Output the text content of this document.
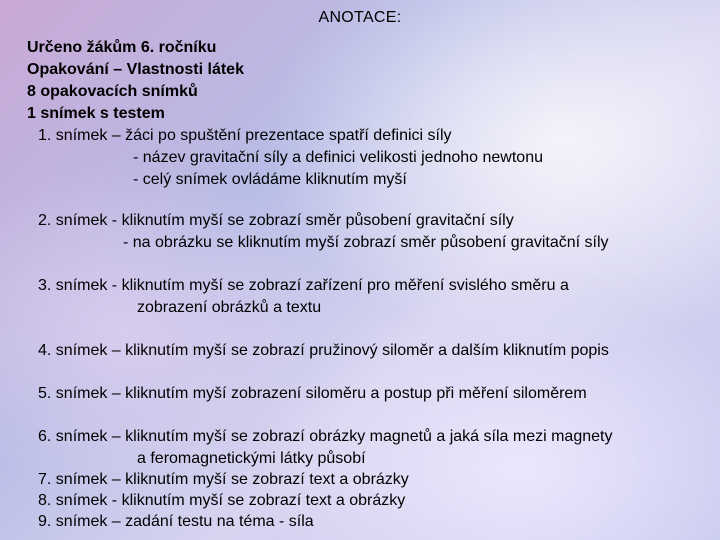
ANOTACE:
Určeno žákům 6. ročníku
Opakování – Vlastnosti látek
8 opakovacích snímků
1 snímek s testem
1. snímek – žáci po spuštění prezentace spatří definici síly
- název gravitační síly a definici velikosti jednoho newtonu
- celý snímek ovládáme kliknutím myší
2. snímek - kliknutím myší se zobrazí směr působení gravitační síly
- na obrázku se kliknutím myší zobrazí směr působení gravitační síly
3. snímek - kliknutím myší se zobrazí zařízení pro měření svislého směru a
zobrazení obrázků a textu
4. snímek – kliknutím myší se zobrazí pružinový siloměr a dalším kliknutím popis
5. snímek – kliknutím myší zobrazení siloměru a postup při měření siloměrem
6. snímek – kliknutím myší se zobrazí obrázky magnetů a jaká síla mezi magnety
a feromagnetickými látky působí
7. snímek – kliknutím myší se zobrazí text a obrázky
8. snímek - kliknutím myší se zobrazí text a obrázky
9. snímek – zadání testu na téma - síla
